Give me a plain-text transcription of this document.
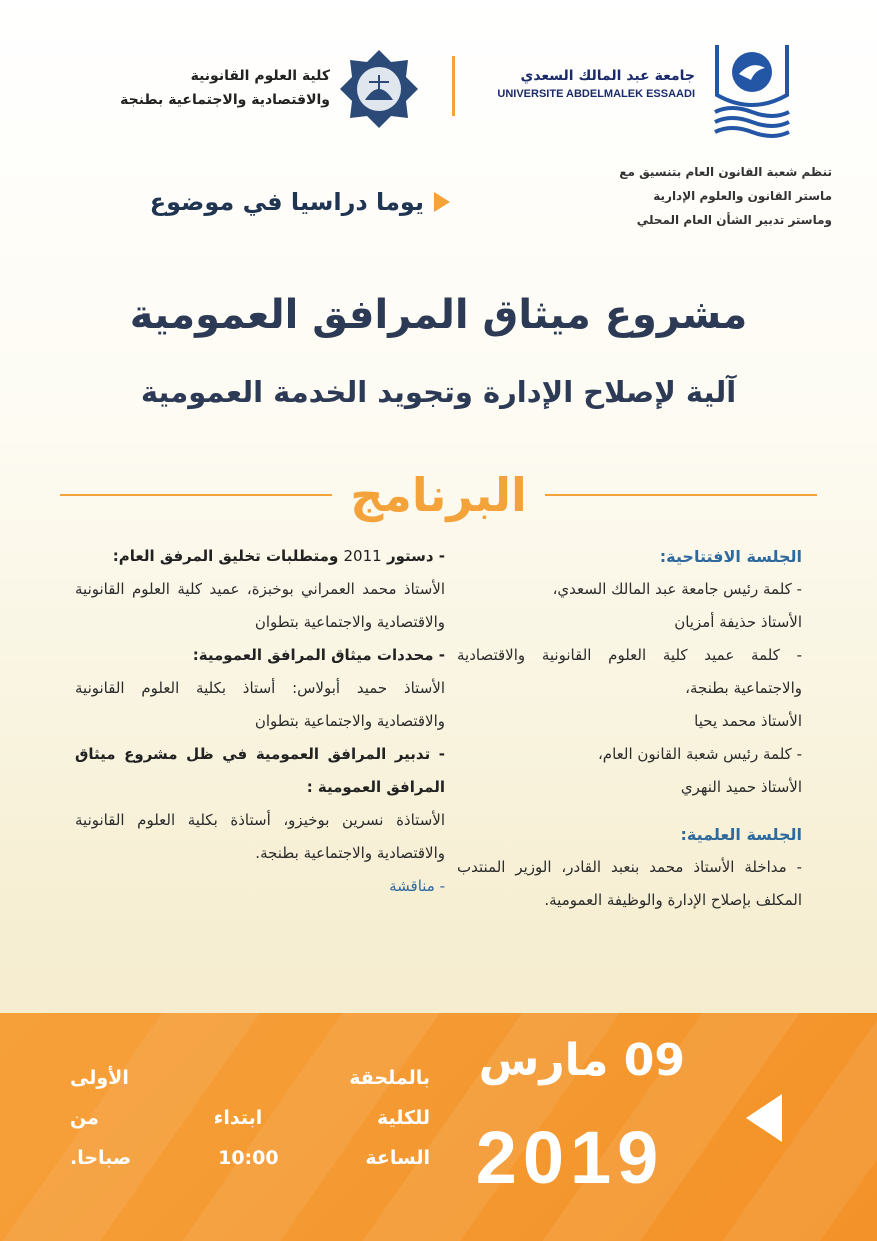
جامعة عبد المالك السعدي
UNIVERSITE ABDELMALEK ESSAADI
كلية العلوم القانونية
والاقتصادية والاجتماعية بطنجة
تنظم شعبة القانون العام بتنسيق مع
ماستر القانون والعلوم الإدارية
وماستر تدبير الشأن العام المحلي
يوما دراسيا في موضوع
مشروع ميثاق المرافق العمومية
آلية لإصلاح الإدارة وتجويد الخدمة العمومية
البرنامج

الجلسة الافتتاحية:

- كلمة رئيس جامعة عبد المالك السعدي،

الأستاذ حذيفة أمزيان

- كلمة عميد كلية العلوم القانونية والاقتصادية والاجتماعية بطنجة،

الأستاذ محمد يحيا

- كلمة رئيس شعبة القانون العام،

الأستاذ حميد النهري

الجلسة العلمية:

- مداخلة الأستاذ محمد بنعبد القادر، الوزير المنتدب المكلف بإصلاح الإدارة والوظيفة العمومية.

- دستور 2011 ومتطلبات تخليق المرفق العام:

الأستاذ محمد العمراني بوخبزة، عميد كلية العلوم القانونية والاقتصادية والاجتماعية بتطوان

- محددات ميثاق المرافق العمومية:

الأستاذ حميد أبولاس: أستاذ بكلية العلوم القانونية والاقتصادية والاجتماعية بتطوان

- تدبير المرافق العمومية في ظل مشروع ميثاق المرافق العمومية :

الأستاذة نسرين بوخيزو، أستاذة بكلية العلوم القانونية والاقتصادية والاجتماعية بطنجة.

- مناقشة

09 مارس
2019
بالملحقة الأولى
للكلية ابتداء من
الساعة 10:00 صباحا.
